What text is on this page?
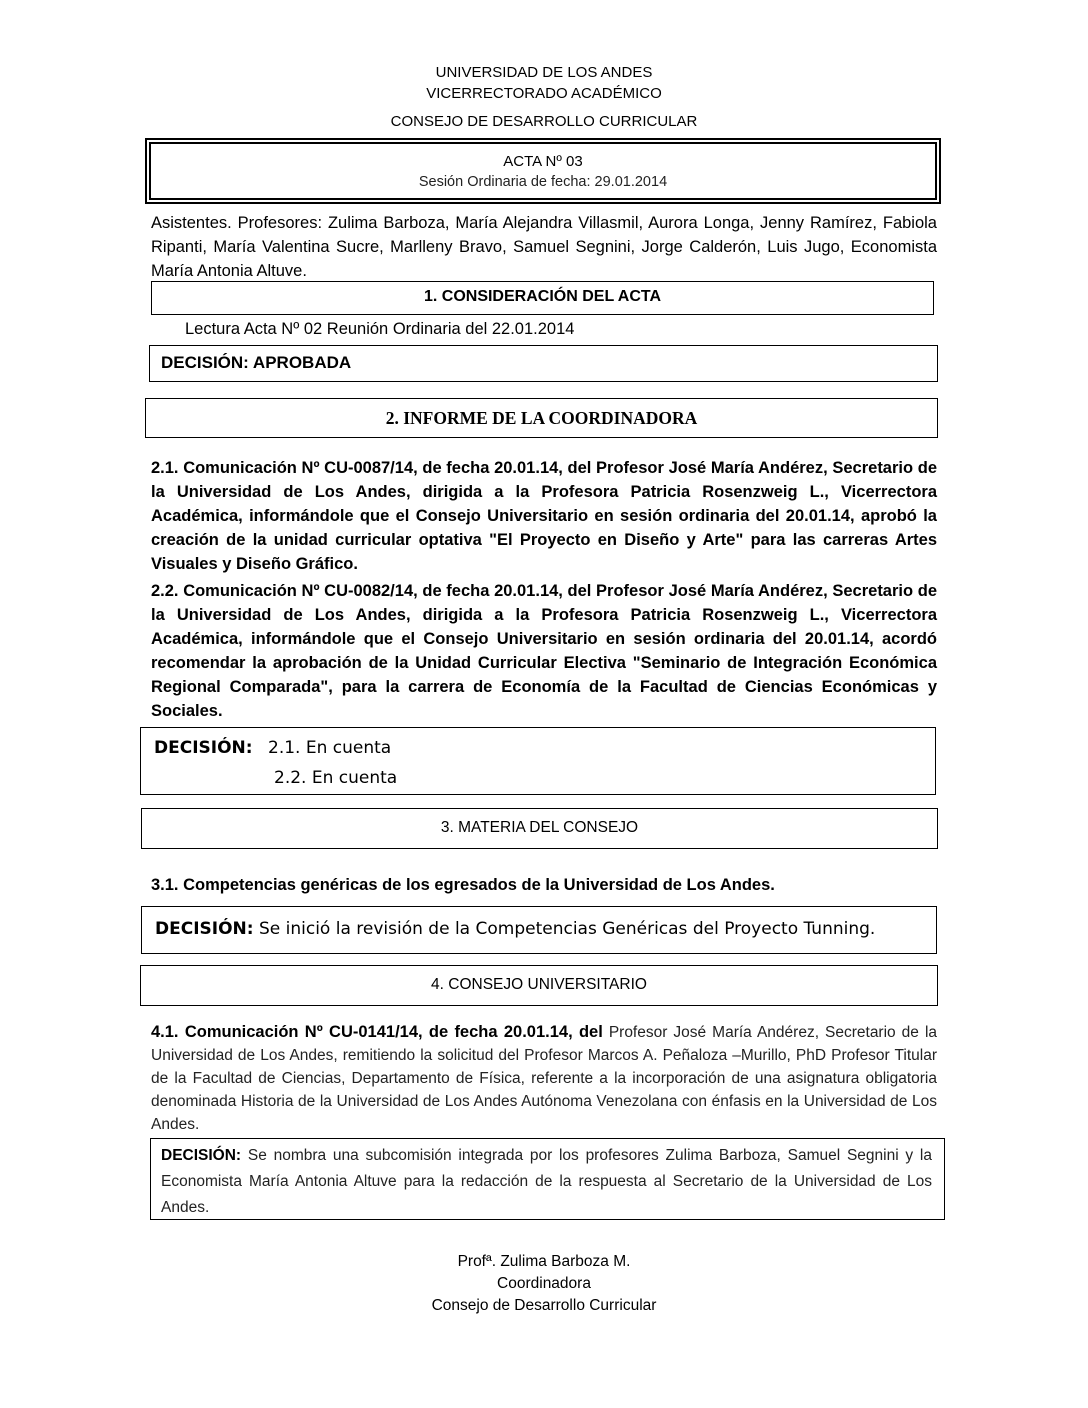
UNIVERSIDAD DE LOS ANDES
VICERRECTORADO ACADÉMICO
CONSEJO DE DESARROLLO CURRICULAR
ACTA Nº 03
Sesión Ordinaria de fecha: 29.01.2014
Asistentes. Profesores: Zulima Barboza, María Alejandra Villasmil, Aurora Longa, Jenny Ramírez, Fabiola Ripanti, María Valentina Sucre, Marlleny Bravo, Samuel Segnini, Jorge Calderón, Luis Jugo, Economista María Antonia Altuve.
1. CONSIDERACIÓN DEL ACTA
Lectura Acta Nº 02 Reunión Ordinaria del 22.01.2014
DECISIÓN: APROBADA
2. INFORME DE LA COORDINADORA
2.1. Comunicación Nº CU-0087/14, de fecha 20.01.14, del Profesor José María Andérez, Secretario de la Universidad de Los Andes, dirigida a la Profesora Patricia Rosenzweig L., Vicerrectora Académica, informándole que el Consejo Universitario en sesión ordinaria del 20.01.14, aprobó la creación de la unidad curricular optativa "El Proyecto en Diseño y Arte" para las carreras Artes Visuales y Diseño Gráfico.
2.2. Comunicación Nº CU-0082/14, de fecha 20.01.14, del Profesor José María Andérez, Secretario de la Universidad de Los Andes, dirigida a la Profesora Patricia Rosenzweig L., Vicerrectora Académica, informándole que el Consejo Universitario en sesión ordinaria del 20.01.14, acordó recomendar la aprobación de la Unidad Curricular Electiva "Seminario de Integración Económica Regional Comparada", para la carrera de Economía de la Facultad de Ciencias Económicas y Sociales.
DECISIÓN: 2.1. En cuenta
2.2. En cuenta
3. MATERIA DEL CONSEJO
3.1. Competencias genéricas de los egresados de la Universidad de Los Andes.
DECISIÓN: Se inició la revisión de la Competencias Genéricas del Proyecto Tunning.
4. CONSEJO UNIVERSITARIO
4.1. Comunicación Nº CU-0141/14, de fecha 20.01.14, del Profesor José María Andérez, Secretario de la Universidad de Los Andes, remitiendo la solicitud del Profesor Marcos A. Peñaloza –Murillo, PhD Profesor Titular de la Facultad de Ciencias, Departamento de Física, referente a la incorporación de una asignatura obligatoria denominada Historia de la Universidad de Los Andes Autónoma Venezolana con énfasis en la Universidad de Los Andes.
DECISIÓN: Se nombra una subcomisión integrada por los profesores Zulima Barboza, Samuel Segnini y la Economista María Antonia Altuve para la redacción de la respuesta al Secretario de la Universidad de Los Andes.
Profª. Zulima Barboza M.
Coordinadora
Consejo de Desarrollo Curricular
